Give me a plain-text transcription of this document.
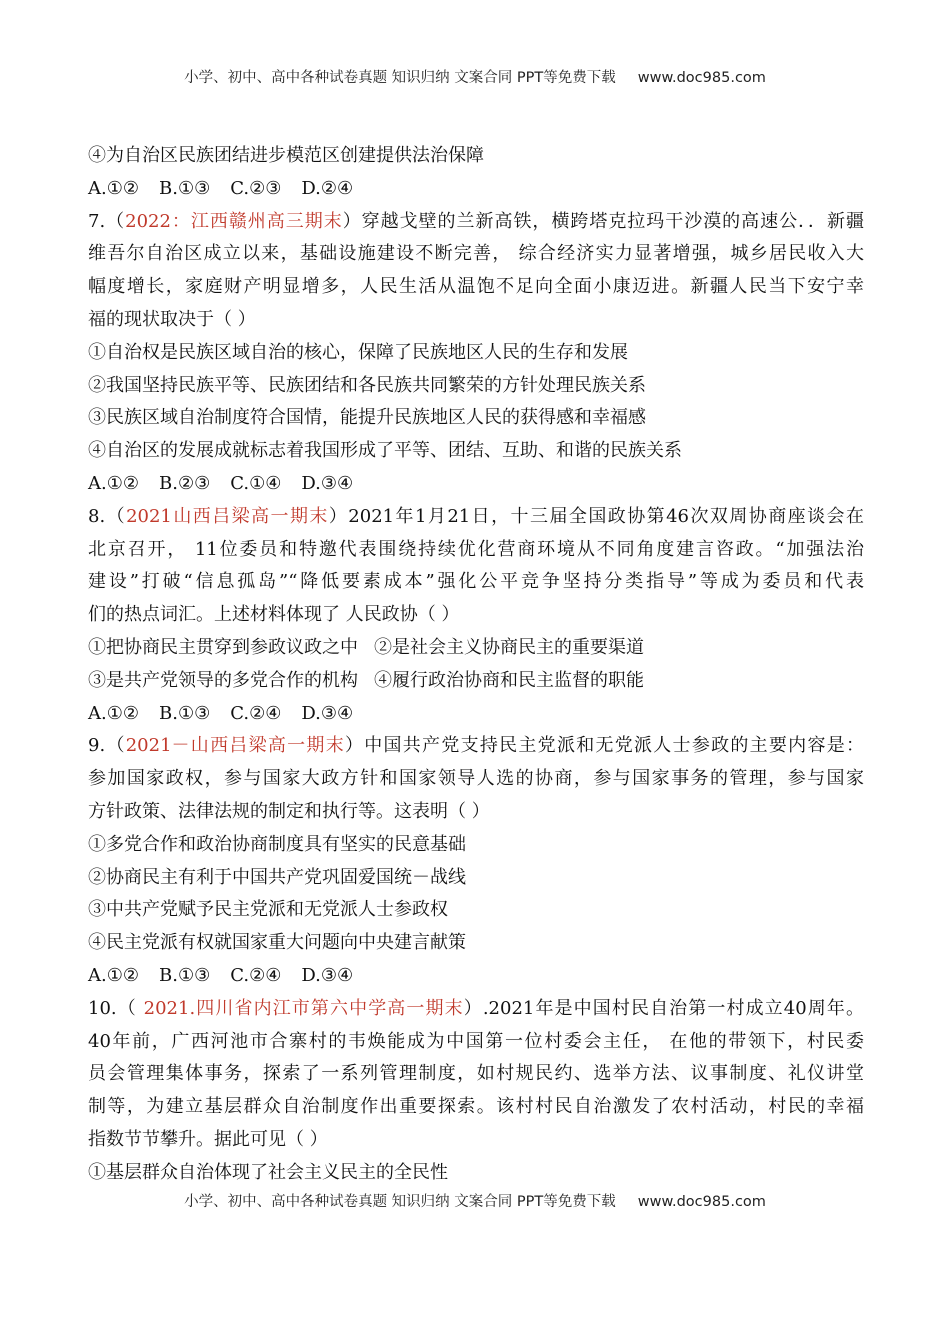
小学、初中、高中各种试卷真题 知识归纳 文案合同 PPT等免费下载 www.doc985.com
④为自治区民族团结进步模范区创建提供法治保障
A.①② B.①③ C.②③ D.②④
7.（2022：江西赣州高三期末）穿越戈壁的兰新高铁，横跨塔克拉玛干沙漠的高速公．．新疆
维吾尔自治区成立以来，基础设施建设不断完善， 综合经济实力显著增强，城乡居民收入大
幅度增长，家庭财产明显增多，人民生活从温饱不足向全面小康迈进。新疆人民当下安宁幸
福的现状取决于（ ）
①自治权是民族区域自治的核心，保障了民族地区人民的生存和发展
②我国坚持民族平等、民族团结和各民族共同繁荣的方针处理民族关系
③民族区域自治制度符合国情，能提升民族地区人民的获得感和幸福感
④自治区的发展成就标志着我国形成了平等、团结、互助、和谐的民族关系
A.①② B.②③ C.①④ D.③④
8.（2021山西吕梁高一期末）2021年1月21日，十三届全国政协第46次双周协商座谈会在
北京召开， 11位委员和特邀代表围绕持续优化营商环境从不同角度建言咨政。“加强法治
建设”打破“信息孤岛”“降低要素成本”强化公平竞争坚持分类指导”等成为委员和代表
们的热点词汇。上述材料体现了 人民政协（ ）
①把协商民主贯穿到参政议政之中 ②是社会主义协商民主的重要渠道
③是共产党领导的多党合作的机构 ④履行政治协商和民主监督的职能
A.①② B.①③ C.②④ D.③④
9.（2021－山西吕梁高一期末）中国共产党支持民主党派和无党派人士参政的主要内容是：
参加国家政权，参与国家大政方针和国家领导人选的协商，参与国家事务的管理，参与国家
方针政策、法律法规的制定和执行等。这表明（ ）
①多党合作和政治协商制度具有坚实的民意基础
②协商民主有利于中国共产党巩固爱国统－战线
③中共产党赋予民主党派和无党派人士参政权
④民主党派有权就国家重大问题向中央建言献策
A.①② B.①③ C.②④ D.③④
10.（ 2021.四川省内江市第六中学高一期末）.2021年是中国村民自治第一村成立40周年。
40年前，广西河池市合寨村的韦焕能成为中国第一位村委会主任， 在他的带领下，村民委
员会管理集体事务，探索了一系列管理制度，如村规民约、选举方法、议事制度、礼仪讲堂
制等，为建立基层群众自治制度作出重要探索。该村村民自治激发了农村活动，村民的幸福
指数节节攀升。据此可见（ ）
①基层群众自治体现了社会主义民主的全民性
小学、初中、高中各种试卷真题 知识归纳 文案合同 PPT等免费下载 www.doc985.com
